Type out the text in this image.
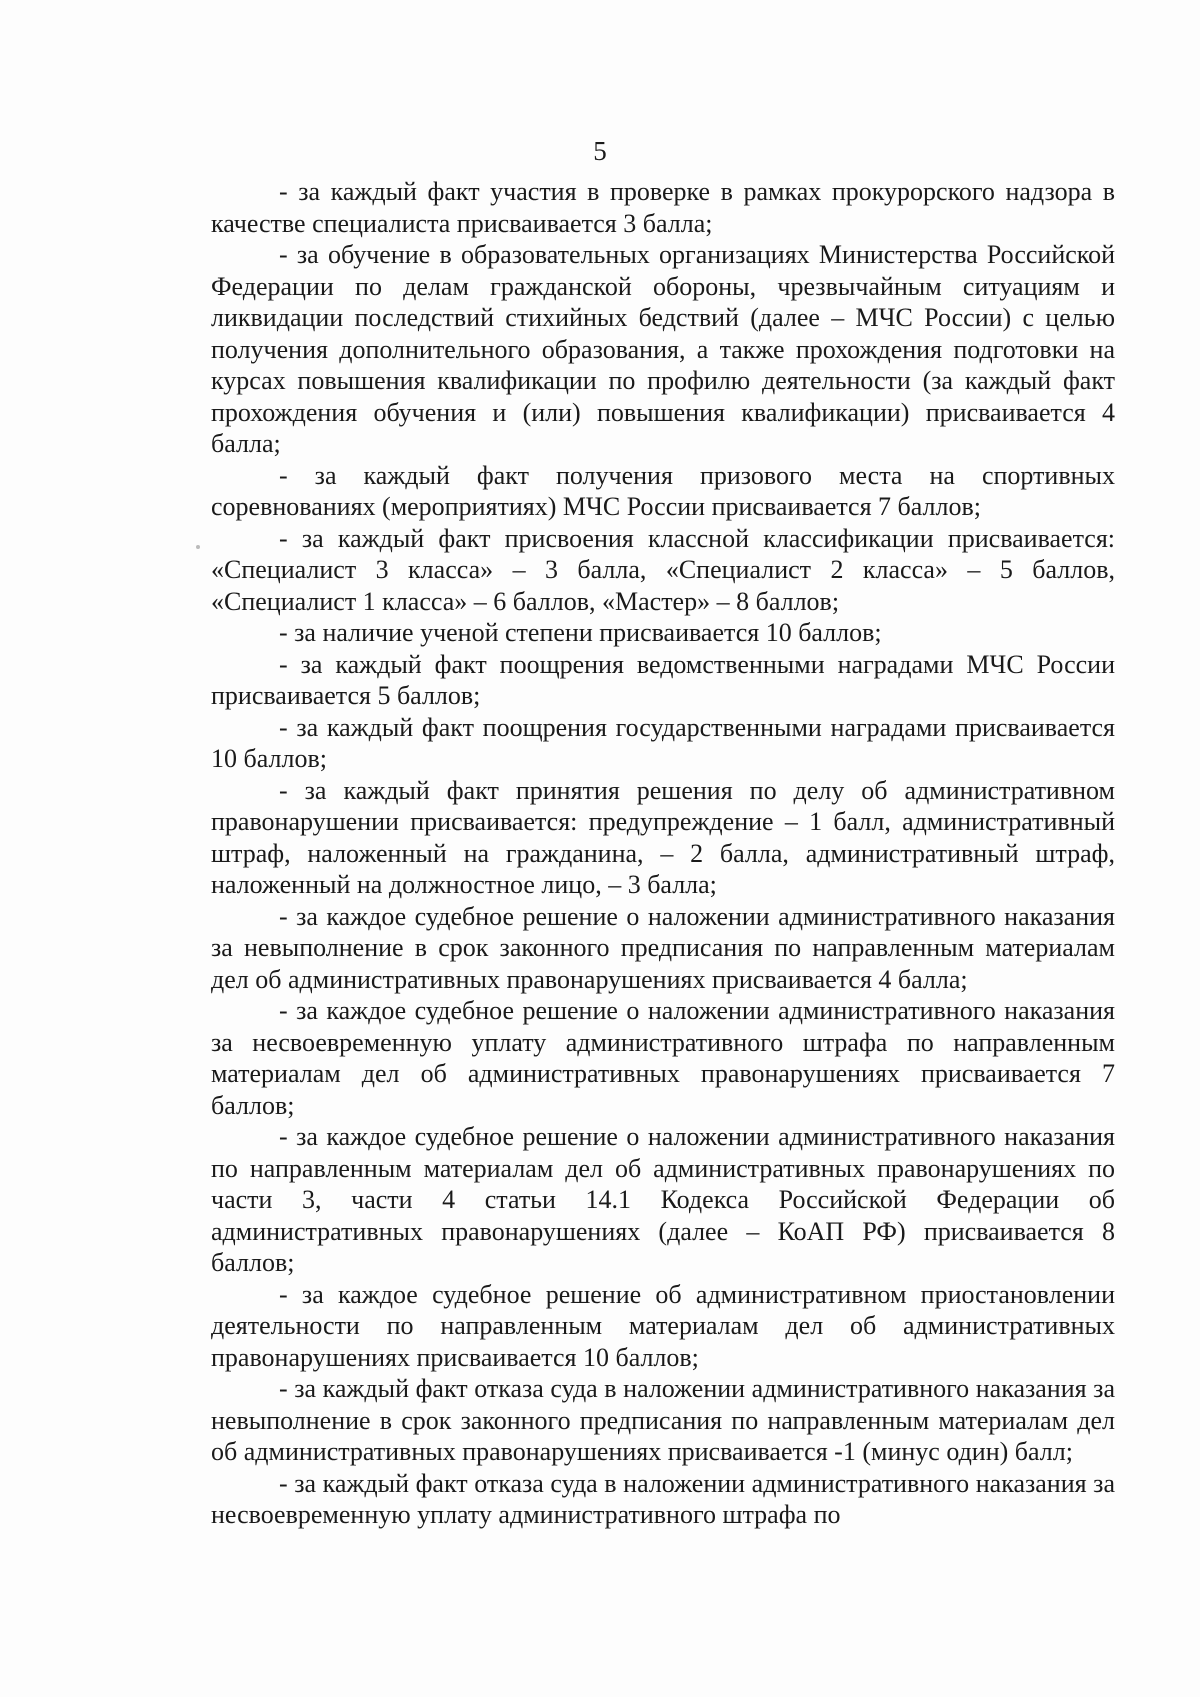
5

- за каждый факт участия в проверке в рамках прокурорского надзора в качестве специалиста присваивается 3 балла;

- за обучение в образовательных организациях Министерства Российской Федерации по делам гражданской обороны, чрезвычайным ситуациям и ликвидации последствий стихийных бедствий (далее – МЧС России) с целью получения дополнительного образования, а также прохождения подготовки на курсах повышения квалификации по профилю деятельности (за каждый факт прохождения обучения и (или) повышения квалификации) присваивается 4 балла;

- за каждый факт получения призового места на спортивных соревнованиях (мероприятиях) МЧС России присваивается 7 баллов;

- за каждый факт присвоения классной классификации присваивается: «Специалист 3 класса» – 3 балла, «Специалист 2 класса» – 5 баллов, «Специалист 1 класса» – 6 баллов, «Мастер» – 8 баллов;

- за наличие ученой степени присваивается 10 баллов;

- за каждый факт поощрения ведомственными наградами МЧС России присваивается 5 баллов;

- за каждый факт поощрения государственными наградами присваивается 10 баллов;

- за каждый факт принятия решения по делу об административном правонарушении присваивается: предупреждение – 1 балл, административный штраф, наложенный на гражданина, – 2 балла, административный штраф, наложенный на должностное лицо, – 3 балла;

- за каждое судебное решение о наложении административного наказания за невыполнение в срок законного предписания по направленным материалам дел об административных правонарушениях присваивается 4 балла;

- за каждое судебное решение о наложении административного наказания за несвоевременную уплату административного штрафа по направленным материалам дел об административных правонарушениях присваивается 7 баллов;

- за каждое судебное решение о наложении административного наказания по направленным материалам дел об административных правонарушениях по части 3, части 4 статьи 14.1 Кодекса Российской Федерации об административных правонарушениях (далее – КоАП РФ) присваивается 8 баллов;

- за каждое судебное решение об административном приостановлении деятельности по направленным материалам дел об административных правонарушениях присваивается 10 баллов;

- за каждый факт отказа суда в наложении административного наказания за невыполнение в срок законного предписания по направленным материалам дел об административных правонарушениях присваивается -1 (минус один) балл;

- за каждый факт отказа суда в наложении административного наказания за несвоевременную уплату административного штрафа по
